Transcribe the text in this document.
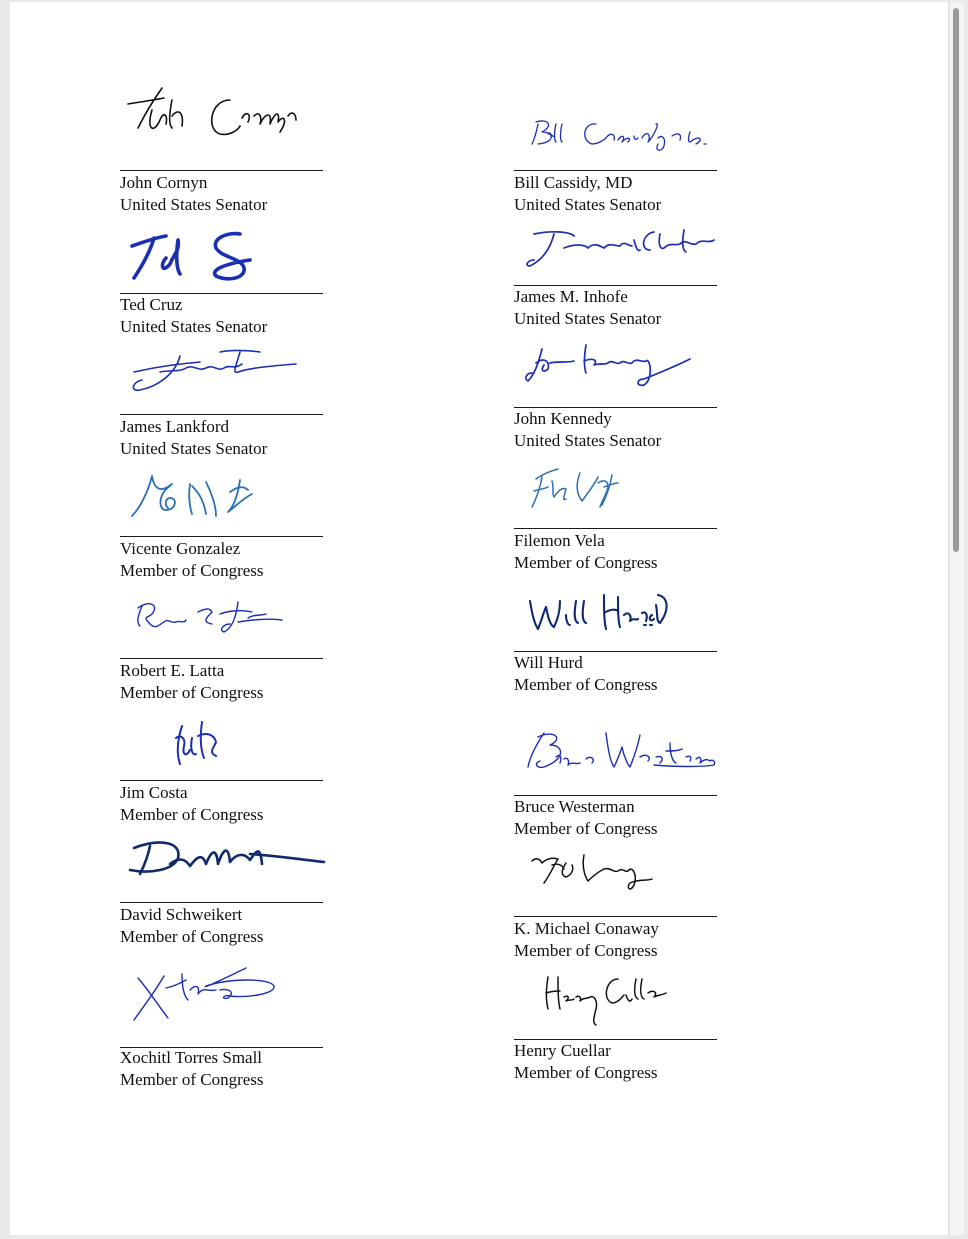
John Cornyn
United States Senator
Ted Cruz
United States Senator
James Lankford
United States Senator
Vicente Gonzalez
Member of Congress
Robert E. Latta
Member of Congress
Jim Costa
Member of Congress
David Schweikert
Member of Congress
Xochitl Torres Small
Member of Congress
Bill Cassidy, MD
United States Senator
James M. Inhofe
United States Senator
John Kennedy
United States Senator
Filemon Vela
Member of Congress
Will Hurd
Member of Congress
Bruce Westerman
Member of Congress
K. Michael Conaway
Member of Congress
Henry Cuellar
Member of Congress
